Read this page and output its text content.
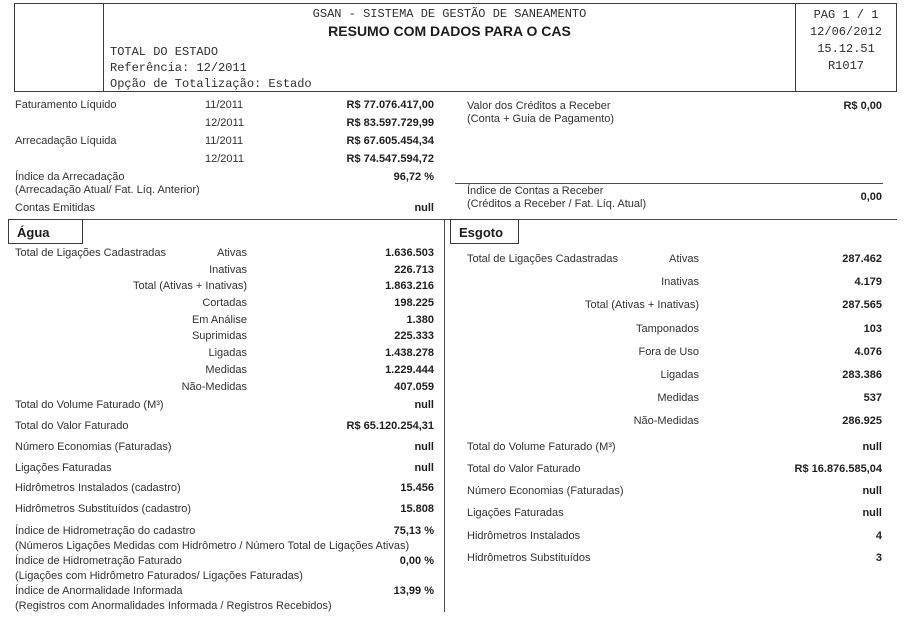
GSAN - SISTEMA DE GESTÃO DE SANEAMENTO
RESUMO COM DADOS PARA O CAS
TOTAL DO ESTADO
Referência: 12/2011
Opção de Totalização: Estado
PAG 1 / 1
12/06/2012
15.12.51
R1017
Faturamento Líquido	11/2011	R$ 77.076.417,00
12/2011	R$ 83.597.729,99
Arrecadação Líquida	11/2011	R$ 67.605.454,34
12/2011	R$ 74.547.594,72
Índice da Arrecadação	96,72 %
(Arrecadação Atual/ Fat. Líq. Anterior)
Contas Emitidas	null
Valor dos Créditos a Receber
(Conta + Guia de Pagamento)
R$ 0,00
Índice de Contas a Receber
(Créditos a Receber / Fat. Líq. Atual)
0,00
Água	Esgoto
Total de Ligações Cadastradas	Ativas	1.636.503
Inativas	226.713
Total (Ativas + Inativas)	1.863.216
Cortadas	198.225
Em Análise	1.380
Suprimidas	225.333
Ligadas	1.438.278
Medidas	1.229.444
Não-Medidas	407.059
Total do Volume Faturado (M³)	null
Total do Valor Faturado	R$ 65.120.254,31
Número Economias (Faturadas)	null
Ligações Faturadas	null
Hidrômetros Instalados (cadastro)	15.456
Hidrômetros Substituídos (cadastro)	15.808
Índice de Hidrometração do cadastro	75,13 %
(Números Ligações Medidas com Hidrômetro / Número Total de Ligações Ativas)
Índice de Hidrometração Faturado	0,00 %
(Ligações com Hidrômetro Faturados/ Ligações Faturadas)
Índice de Anormalidade Informada	13,99 %
(Registros com Anormalidades Informada / Registros Recebidos)
Total de Ligações Cadastradas	Ativas	287.462
Inativas	4.179
Total (Ativas + Inativas)	287.565
Tamponados	103
Fora de Uso	4.076
Ligadas	283.386
Medidas	537
Não-Medidas	286.925
Total do Volume Faturado (M³)	null
Total do Valor Faturado	R$ 16.876.585,04
Número Economias (Faturadas)	null
Ligações Faturadas	null
Hidrômetros Instalados	4
Hidrômetros Substituídos	3
